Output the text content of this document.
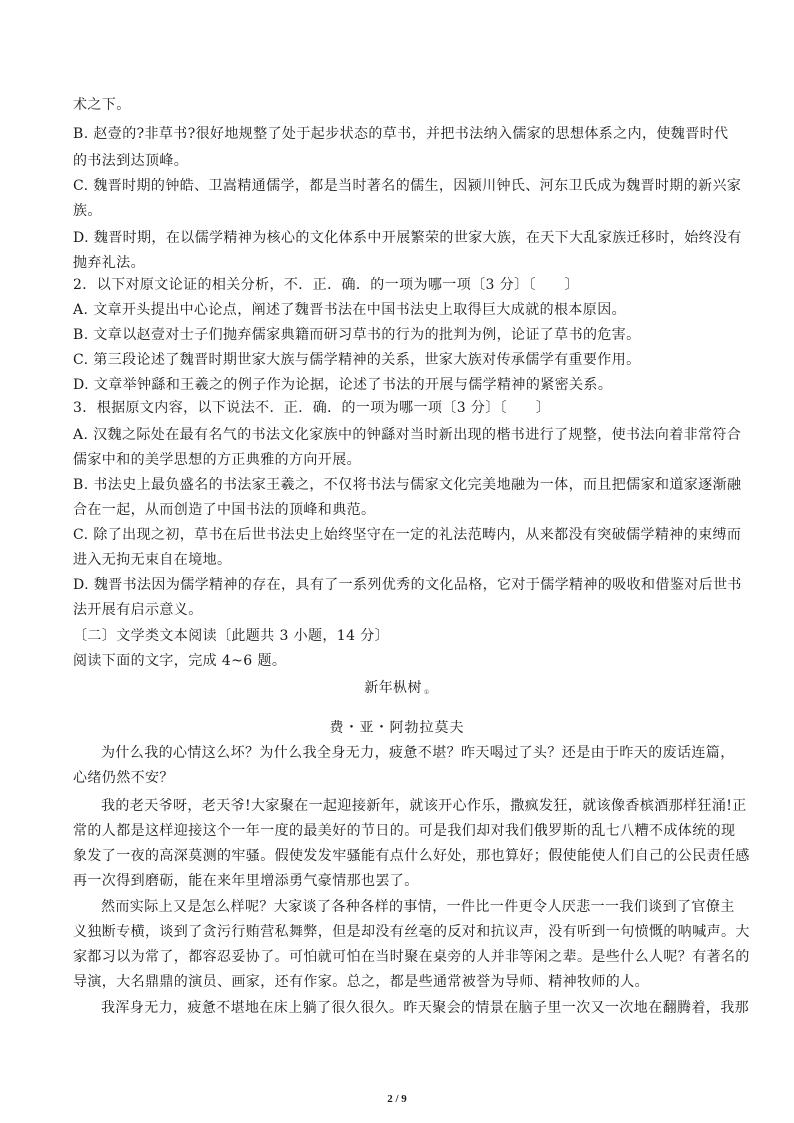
术之下。
B. 赵壹的?非草书?很好地规整了处于起步状态的草书，并把书法纳入儒家的思想体系之内，使魏晋时代
的书法到达顶峰。
C. 魏晋时期的钟皓、卫嵩精通儒学，都是当时著名的儒生，因颍川钟氏、河东卫氏成为魏晋时期的新兴家
族。
D. 魏晋时期，在以儒学精神为核心的文化体系中开展繁荣的世家大族，在天下大乱家族迁移时，始终没有
抛弃礼法。
2．以下对原文论证的相关分析，不．正．确．的一项为哪一项〔3 分〕〔　　〕
A. 文章开头提出中心论点，阐述了魏晋书法在中国书法史上取得巨大成就的根本原因。
B. 文章以赵壹对士子们抛弃儒家典籍而研习草书的行为的批判为例，论证了草书的危害。
C. 第三段论述了魏晋时期世家大族与儒学精神的关系，世家大族对传承儒学有重要作用。
D. 文章举钟繇和王羲之的例子作为论据，论述了书法的开展与儒学精神的紧密关系。
3．根据原文内容，以下说法不．正．确．的一项为哪一项〔3 分〕〔　　〕
A. 汉魏之际处在最有名气的书法文化家族中的钟繇对当时新出现的楷书进行了规整，使书法向着非常符合
儒家中和的美学思想的方正典雅的方向开展。
B. 书法史上最负盛名的书法家王羲之，不仅将书法与儒家文化完美地融为一体，而且把儒家和道家逐渐融
合在一起，从而创造了中国书法的顶峰和典范。
C. 除了出现之初，草书在后世书法史上始终坚守在一定的礼法范畴内，从来都没有突破儒学精神的束缚而
进入无拘无束自在境地。
D. 魏晋书法因为儒学精神的存在，具有了一系列优秀的文化品格，它对于儒学精神的吸收和借鉴对后世书
法开展有启示意义。
〔二〕文学类文本阅读〔此题共 3 小题，14 分〕
阅读下面的文字，完成 4~6 题。
新年枞树 ①
费・亚・阿勃拉莫夫
为什么我的心情这么坏？为什么我全身无力，疲惫不堪？昨天喝过了头？还是由于昨天的废话连篇，
心绪仍然不安？
我的老天爷呀，老天爷!大家聚在一起迎接新年，就该开心作乐，撒疯发狂，就该像香槟酒那样狂涌!正
常的人都是这样迎接这个一年一度的最美好的节日的。可是我们却对我们俄罗斯的乱七八糟不成体统的现
象发了一夜的高深莫测的牢骚。假使发发牢骚能有点什么好处，那也算好；假使能使人们自己的公民责任感
再一次得到磨砺，能在来年里增添勇气豪情那也罢了。
然而实际上又是怎么样呢？大家谈了各种各样的事情，一件比一件更令人厌悲一一我们谈到了官僚主
义独断专横，谈到了贪污行贿营私舞弊，但是却没有丝毫的反对和抗议声，没有听到一句愤慨的呐喊声。大
家都习以为常了，都容忍妥协了。可怕就可怕在当时聚在桌旁的人并非等闲之辈。是些什么人呢？有著名的
导演，大名鼎鼎的演员、画家，还有作家。总之，都是些通常被誉为导师、精神牧师的人。
我浑身无力，疲惫不堪地在床上躺了很久很久。昨天聚会的情景在脑子里一次又一次地在翻腾着，我那
2 / 9
